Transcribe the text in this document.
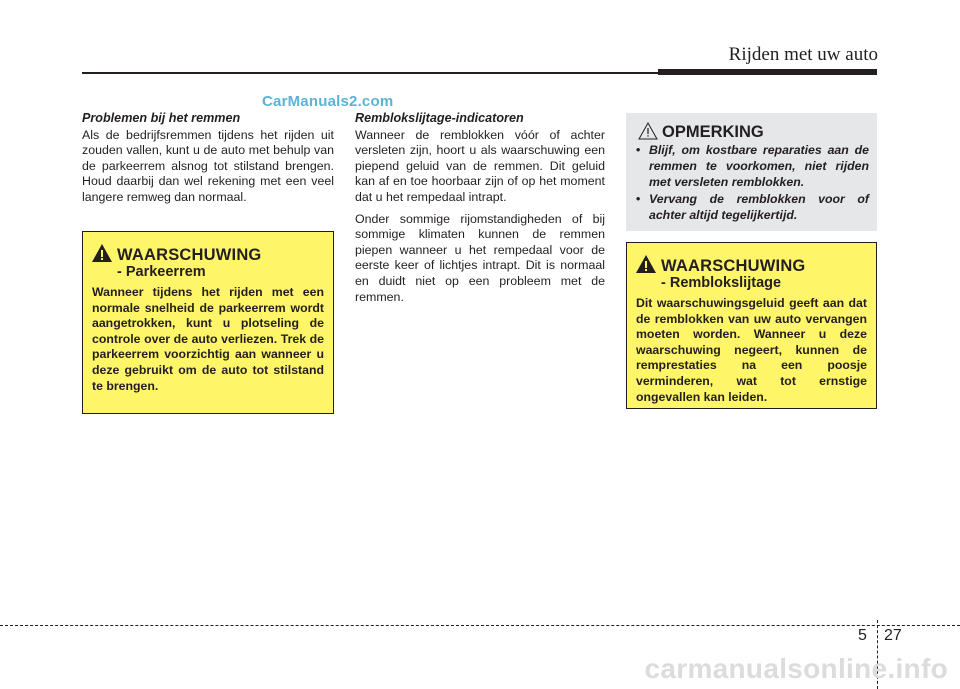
Rijden met uw auto
CarManuals2.com
Problemen bij het remmen

Als de bedrijfsremmen tijdens het rijden uit zouden vallen, kunt u de auto met behulp van de parkeerrem alsnog tot stilstand brengen. Houd daarbij dan wel rekening met een veel langere remweg dan normaal.

WAARSCHUWING
- Parkeerrem
Wanneer tijdens het rijden met een normale snelheid de parkeerrem wordt aangetrokken, kunt u plotseling de controle over de auto verliezen. Trek de parkeerrem voorzichtig aan wanneer u deze gebruikt om de auto tot stilstand te brengen.
Remblokslijtage-indicatoren

Wanneer de remblokken vóór of achter versleten zijn, hoort u als waarschuwing een piepend geluid van de remmen. Dit geluid kan af en toe hoorbaar zijn of op het moment dat u het rempedaal intrapt.

Onder sommige rijomstandigheden of bij sommige klimaten kunnen de remmen piepen wanneer u het rempedaal voor de eerste keer of lichtjes intrapt. Dit is normaal en duidt niet op een probleem met de remmen.

OPMERKING
• Blijf, om kostbare reparaties aan de remmen te voorkomen, niet rijden met versleten remblokken.
• Vervang de remblokken voor of achter altijd tegelijkertijd.
WAARSCHUWING
- Remblokslijtage
Dit waarschuwingsgeluid geeft aan dat de remblokken van uw auto vervangen moeten worden. Wanneer u deze waarschuwing negeert, kunnen de remprestaties na een poosje verminderen, wat tot ernstige ongevallen kan leiden.
5 27
carmanualsonline.info
